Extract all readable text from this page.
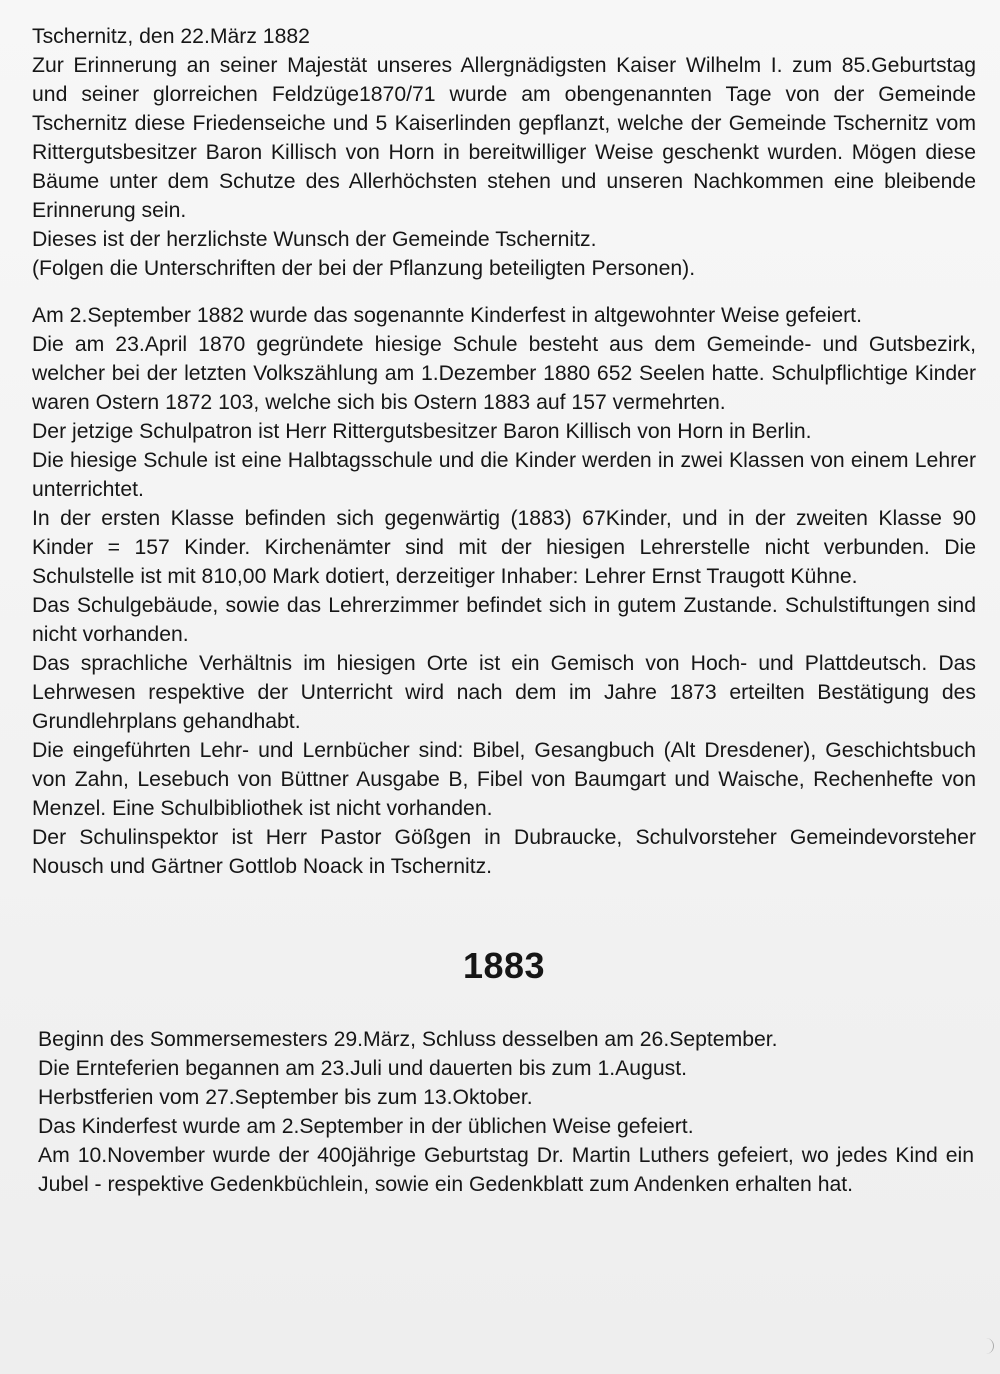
Tschernitz, den 22.März 1882

Zur Erinnerung an seiner Majestät unseres Allergnädigsten Kaiser Wilhelm I. zum 85.Geburtstag und seiner glorreichen Feldzüge1870/71 wurde am obengenannten Tage von der Gemeinde Tschernitz diese Friedenseiche und 5 Kaiserlinden gepflanzt, welche der Gemeinde Tschernitz vom Rittergutsbesitzer Baron Killisch von Horn in bereitwilliger Weise geschenkt wurden. Mögen diese Bäume unter dem Schutze des Allerhöchsten stehen und unseren Nachkommen eine bleibende Erinnerung sein.

Dieses ist der herzlichste Wunsch der Gemeinde Tschernitz.

(Folgen die Unterschriften der bei der Pflanzung beteiligten Personen).

Am 2.September 1882 wurde das sogenannte Kinderfest in altgewohnter Weise gefeiert.

Die am 23.April 1870 gegründete hiesige Schule besteht aus dem Gemeinde- und Gutsbezirk, welcher bei der letzten Volkszählung am 1.Dezember 1880 652 Seelen hatte. Schulpflichtige Kinder waren Ostern 1872 103, welche sich bis Ostern 1883 auf 157 vermehrten.

Der jetzige Schulpatron ist Herr Rittergutsbesitzer Baron Killisch von Horn in Berlin.

Die hiesige Schule ist eine Halbtagsschule und die Kinder werden in zwei Klassen von einem Lehrer unterrichtet.

In der ersten Klasse befinden sich gegenwärtig (1883) 67Kinder, und in der zweiten Klasse 90 Kinder = 157 Kinder. Kirchenämter sind mit der hiesigen Lehrerstelle nicht verbunden. Die Schulstelle ist mit 810,00 Mark dotiert, derzeitiger Inhaber: Lehrer Ernst Traugott Kühne.

Das Schulgebäude, sowie das Lehrerzimmer befindet sich in gutem Zustande. Schulstiftungen sind nicht vorhanden.

Das sprachliche Verhältnis im hiesigen Orte ist ein Gemisch von Hoch- und Plattdeutsch. Das Lehrwesen respektive der Unterricht wird nach dem im Jahre 1873 erteilten Bestätigung des Grundlehrplans gehandhabt.

Die eingeführten Lehr- und Lernbücher sind: Bibel, Gesangbuch (Alt Dresdener), Geschichtsbuch von Zahn, Lesebuch von Büttner Ausgabe B, Fibel von Baumgart und Waische, Rechenhefte von Menzel. Eine Schulbibliothek ist nicht vorhanden.

Der Schulinspektor ist Herr Pastor Gößgen in Dubraucke, Schulvorsteher Gemeindevorsteher Nousch und Gärtner Gottlob Noack in Tschernitz.

1883

Beginn des Sommersemesters 29.März, Schluss desselben am 26.September.

Die Ernteferien begannen am 23.Juli und dauerten bis zum 1.August.

Herbstferien vom 27.September bis zum 13.Oktober.

Das Kinderfest wurde am 2.September in der üblichen Weise gefeiert.

Am 10.November wurde der 400jährige Geburtstag Dr. Martin Luthers gefeiert, wo jedes Kind ein Jubel - respektive Gedenkbüchlein, sowie ein Gedenkblatt zum Andenken erhalten hat.
